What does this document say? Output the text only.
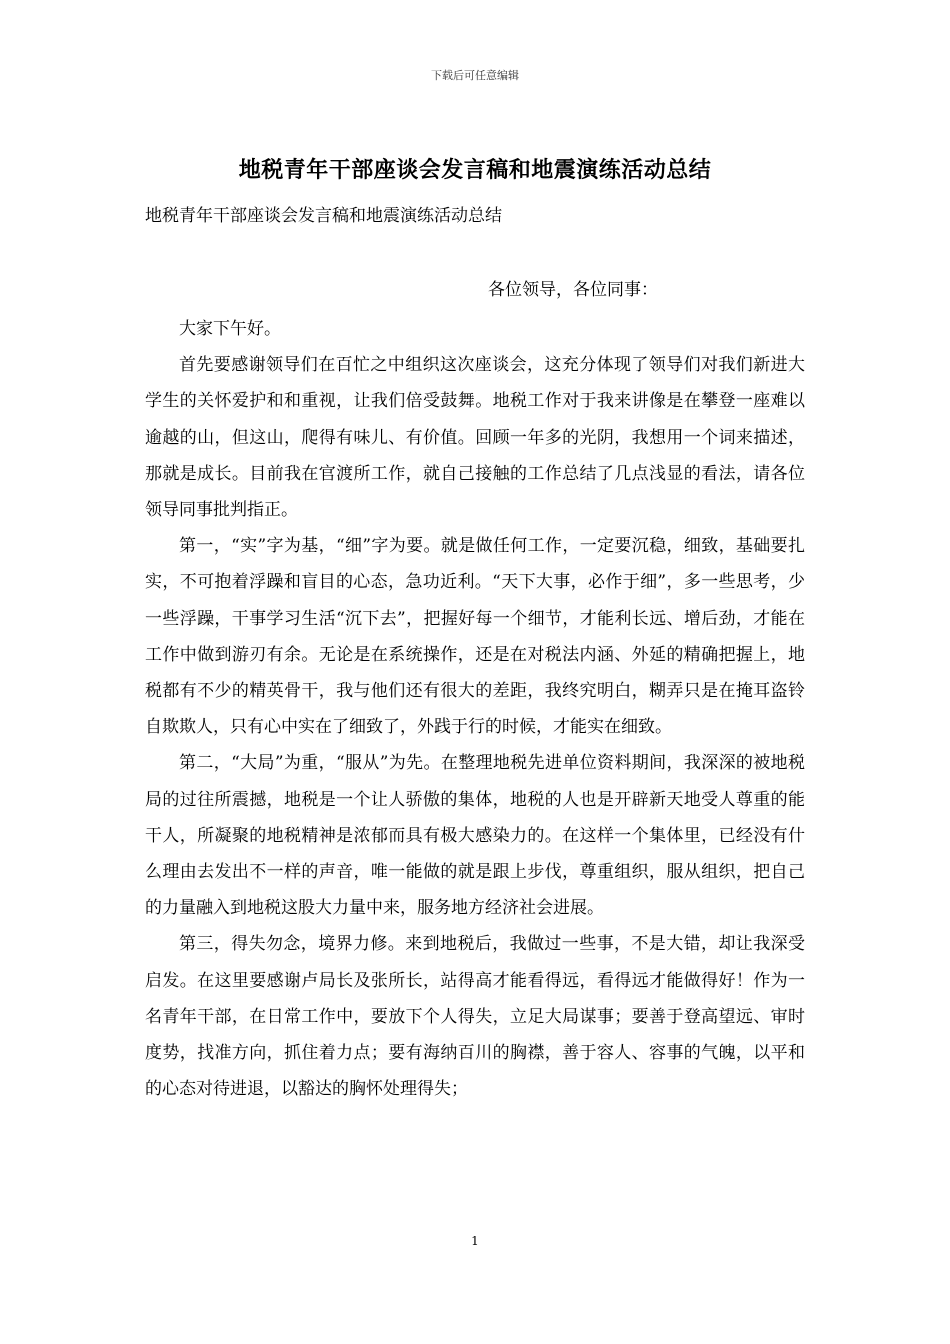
下载后可任意编辑
地税青年干部座谈会发言稿和地震演练活动总结
地税青年干部座谈会发言稿和地震演练活动总结
各位领导，各位同事：

大家下午好。

首先要感谢领导们在百忙之中组织这次座谈会，这充分体现了领导们对我们新进大学生的关怀爱护和和重视，让我们倍受鼓舞。地税工作对于我来讲像是在攀登一座难以逾越的山，但这山，爬得有味儿、有价值。回顾一年多的光阴，我想用一个词来描述，那就是成长。目前我在官渡所工作，就自己接触的工作总结了几点浅显的看法，请各位领导同事批判指正。

第一，“实”字为基，“细”字为要。就是做任何工作，一定要沉稳，细致，基础要扎实，不可抱着浮躁和盲目的心态，急功近利。“天下大事，必作于细”，多一些思考，少一些浮躁，干事学习生活“沉下去”，把握好每一个细节，才能利长远、增后劲，才能在工作中做到游刃有余。无论是在系统操作，还是在对税法内涵、外延的精确把握上，地税都有不少的精英骨干，我与他们还有很大的差距，我终究明白，糊弄只是在掩耳盗铃自欺欺人，只有心中实在了细致了，外践于行的时候，才能实在细致。

第二，“大局”为重，“服从”为先。在整理地税先进单位资料期间，我深深的被地税局的过往所震撼，地税是一个让人骄傲的集体，地税的人也是开辟新天地受人尊重的能干人，所凝聚的地税精神是浓郁而具有极大感染力的。在这样一个集体里，已经没有什么理由去发出不一样的声音，唯一能做的就是跟上步伐，尊重组织，服从组织，把自己的力量融入到地税这股大力量中来，服务地方经济社会进展。

第三，得失勿念，境界力修。来到地税后，我做过一些事，不是大错，却让我深受启发。在这里要感谢卢局长及张所长，站得高才能看得远，看得远才能做得好！作为一名青年干部，在日常工作中，要放下个人得失，立足大局谋事；要善于登高望远、审时度势，找准方向，抓住着力点；要有海纳百川的胸襟，善于容人、容事的气魄，以平和的心态对待进退，以豁达的胸怀处理得失；

1
